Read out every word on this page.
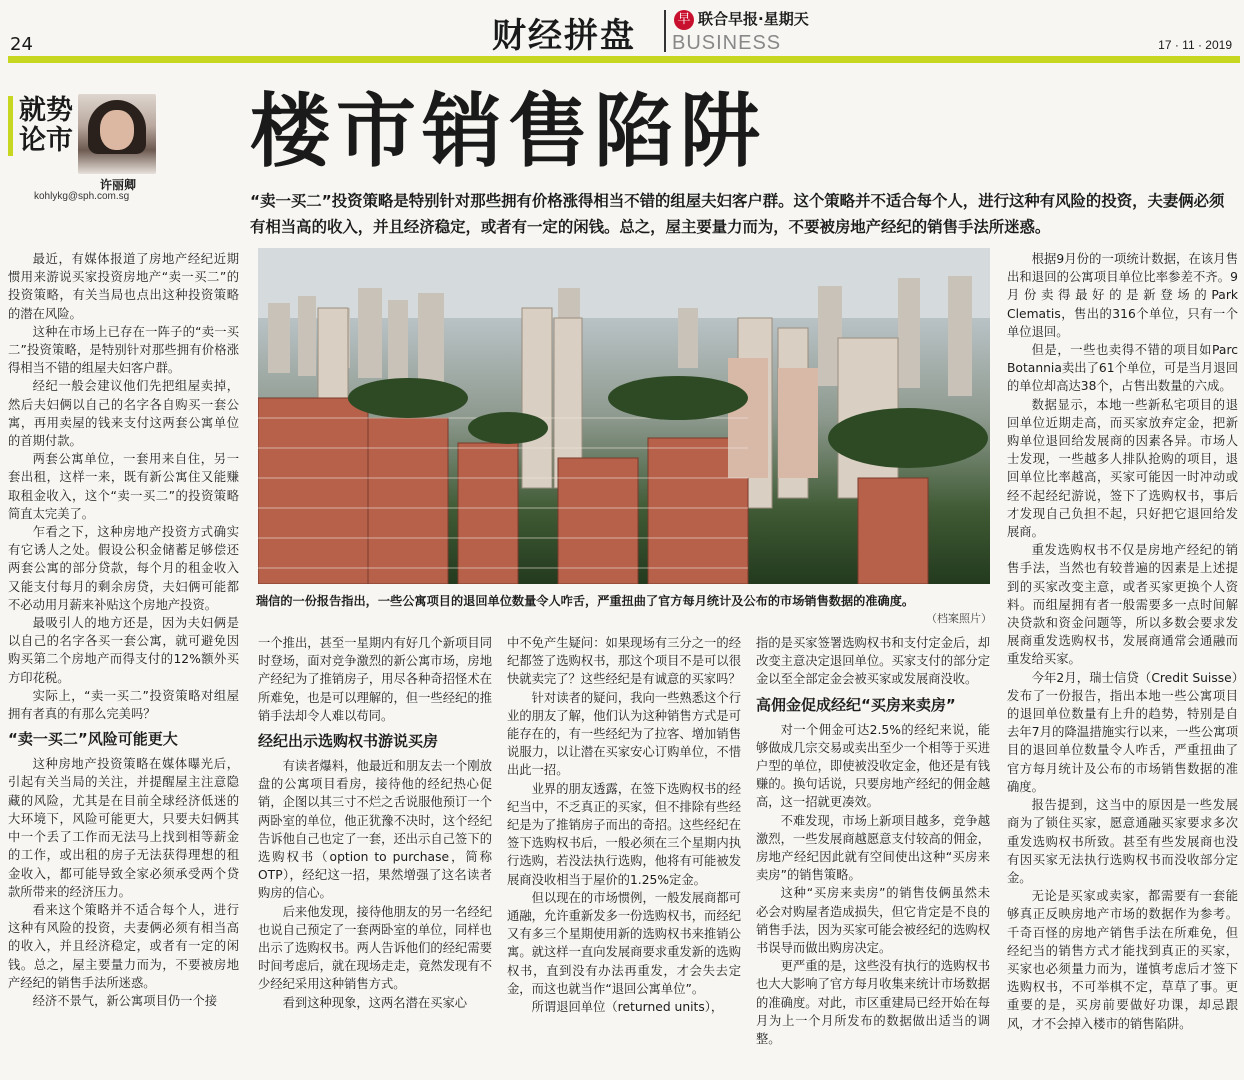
24	财经拼盘	早 联合早报·星期天
BUSINESS	17 · 11 · 2019
就势论市
许丽卿
kohlykg@sph.com.sg
楼市销售陷阱
“卖一买二”投资策略是特别针对那些拥有价格涨得相当不错的组屋夫妇客户群。这个策略并不适合每个人，进行这种有风险的投资，夫妻俩必须有相当高的收入，并且经济稳定，或者有一定的闲钱。总之，屋主要量力而为，不要被房地产经纪的销售手法所迷惑。
瑞信的一份报告指出，一些公寓项目的退回单位数量令人咋舌，严重扭曲了官方每月统计及公布的市场销售数据的准确度。
（档案照片）

最近，有媒体报道了房地产经纪近期惯用来游说买家投资房地产“卖一买二”的投资策略，有关当局也点出这种投资策略的潜在风险。

这种在市场上已存在一阵子的“卖一买二”投资策略，是特别针对那些拥有价格涨得相当不错的组屋夫妇客户群。

经纪一般会建议他们先把组屋卖掉，然后夫妇俩以自己的名字各自购买一套公寓，再用卖屋的钱来支付这两套公寓单位的首期付款。

两套公寓单位，一套用来自住，另一套出租，这样一来，既有新公寓住又能赚取租金收入，这个“卖一买二”的投资策略简直太完美了。

乍看之下，这种房地产投资方式确实有它诱人之处。假设公积金储蓄足够偿还两套公寓的部分贷款，每个月的租金收入又能支付每月的剩余房贷，夫妇俩可能都不必动用月薪来补贴这个房地产投资。

最吸引人的地方还是，因为夫妇俩是以自己的名字各买一套公寓，就可避免因购买第二个房地产而得支付的12%额外买方印花税。

实际上，“卖一买二”投资策略对组屋拥有者真的有那么完美吗？

“卖一买二”风险可能更大

这种房地产投资策略在媒体曝光后，引起有关当局的关注，并提醒屋主注意隐藏的风险，尤其是在目前全球经济低迷的大环境下，风险可能更大，只要夫妇俩其中一个丢了工作而无法马上找到相等薪金的工作，或出租的房子无法获得理想的租金收入，都可能导致全家必须承受两个贷款所带来的经济压力。

看来这个策略并不适合每个人，进行这种有风险的投资，夫妻俩必须有相当高的收入，并且经济稳定，或者有一定的闲钱。总之，屋主要量力而为，不要被房地产经纪的销售手法所迷惑。

经济不景气，新公寓项目仍一个接

一个推出，甚至一星期内有好几个新项目同时登场，面对竞争激烈的新公寓市场，房地产经纪为了推销房子，用尽各种奇招怪术在所难免，也是可以理解的，但一些经纪的推销手法却令人难以苟同。

经纪出示选购权书游说买房

有读者爆料，他最近和朋友去一个刚放盘的公寓项目看房，接待他的经纪热心促销，企图以其三寸不烂之舌说服他预订一个两卧室的单位，他正犹豫不决时，这个经纪告诉他自己也定了一套，还出示自己签下的选购权书（option to purchase，简称OTP），经纪这一招，果然增强了这名读者购房的信心。

后来他发现，接待他朋友的另一名经纪也说自己预定了一套两卧室的单位，同样也出示了选购权书。两人告诉他们的经纪需要时间考虑后，就在现场走走，竟然发现有不少经纪采用这种销售方式。

看到这种现象，这两名潜在买家心

中不免产生疑问：如果现场有三分之一的经纪都签了选购权书，那这个项目不是可以很快就卖完了？这些经纪是有诚意的买家吗？

针对读者的疑问，我向一些熟悉这个行业的朋友了解，他们认为这种销售方式是可能存在的，有一些经纪为了拉客、增加销售说服力，以让潜在买家安心订购单位，不惜出此一招。

业界的朋友透露，在签下选购权书的经纪当中，不乏真正的买家，但不排除有些经纪是为了推销房子而出的奇招。这些经纪在签下选购权书后，一般必须在三个星期内执行选购，若没法执行选购，他将有可能被发展商没收相当于屋价的1.25%定金。

但以现在的市场惯例，一般发展商都可通融，允许重新发多一份选购权书，而经纪又有多三个星期使用新的选购权书来推销公寓。就这样一直向发展商要求重发新的选购权书，直到没有办法再重发，才会失去定金，而这也就当作“退回公寓单位”。

所谓退回单位（returned units），

指的是买家签署选购权书和支付定金后，却改变主意决定退回单位。买家支付的部分定金以至全部定金会被买家或发展商没收。

高佣金促成经纪“买房来卖房”

对一个佣金可达2.5%的经纪来说，能够做成几宗交易或卖出至少一个相等于买进户型的单位，即使被没收定金，他还是有钱赚的。换句话说，只要房地产经纪的佣金越高，这一招就更凑效。

不难发现，市场上新项目越多，竞争越激烈，一些发展商越愿意支付较高的佣金，房地产经纪因此就有空间使出这种“买房来卖房”的销售策略。

这种“买房来卖房”的销售伎俩虽然未必会对购屋者造成损失，但它肯定是不良的销售手法，因为买家可能会被经纪的选购权书误导而做出购房决定。

更严重的是，这些没有执行的选购权书也大大影响了官方每月收集来统计市场数据的准确度。对此，市区重建局已经开始在每月为上一个月所发布的数据做出适当的调整。

根据9月份的一项统计数据，在该月售出和退回的公寓项目单位比率参差不齐。9月份卖得最好的是新登场的Park Clematis，售出的316个单位，只有一个单位退回。

但是，一些也卖得不错的项目如Parc Botannia卖出了61个单位，可是当月退回的单位却高达38个，占售出数量的六成。

数据显示，本地一些新私宅项目的退回单位近期走高，而买家放弃定金，把新购单位退回给发展商的因素各异。市场人士发现，一些越多人排队抢购的项目，退回单位比率越高，买家可能因一时冲动或经不起经纪游说，签下了选购权书，事后才发现自己负担不起，只好把它退回给发展商。

重发选购权书不仅是房地产经纪的销售手法，当然也有较普遍的因素是上述提到的买家改变主意，或者买家更换个人资料。而组屋拥有者一般需要多一点时间解决贷款和资金问题等，所以多数会要求发展商重发选购权书，发展商通常会通融而重发给买家。

今年2月，瑞士信贷（Credit Suisse）发布了一份报告，指出本地一些公寓项目的退回单位数量有上升的趋势，特别是自去年7月的降温措施实行以来，一些公寓项目的退回单位数量令人咋舌，严重扭曲了官方每月统计及公布的市场销售数据的准确度。

报告提到，这当中的原因是一些发展商为了锁住买家，愿意通融买家要求多次重发选购权书所致。甚至有些发展商也没有因买家无法执行选购权书而没收部分定金。

无论是买家或卖家，都需要有一套能够真正反映房地产市场的数据作为参考。千奇百怪的房地产销售手法在所难免，但经纪当的销售方式才能找到真正的买家，买家也必须量力而为，谨慎考虑后才签下选购权书，不可举棋不定，草草了事。更重要的是，买房前要做好功课，却忌跟风，才不会掉入楼市的销售陷阱。
